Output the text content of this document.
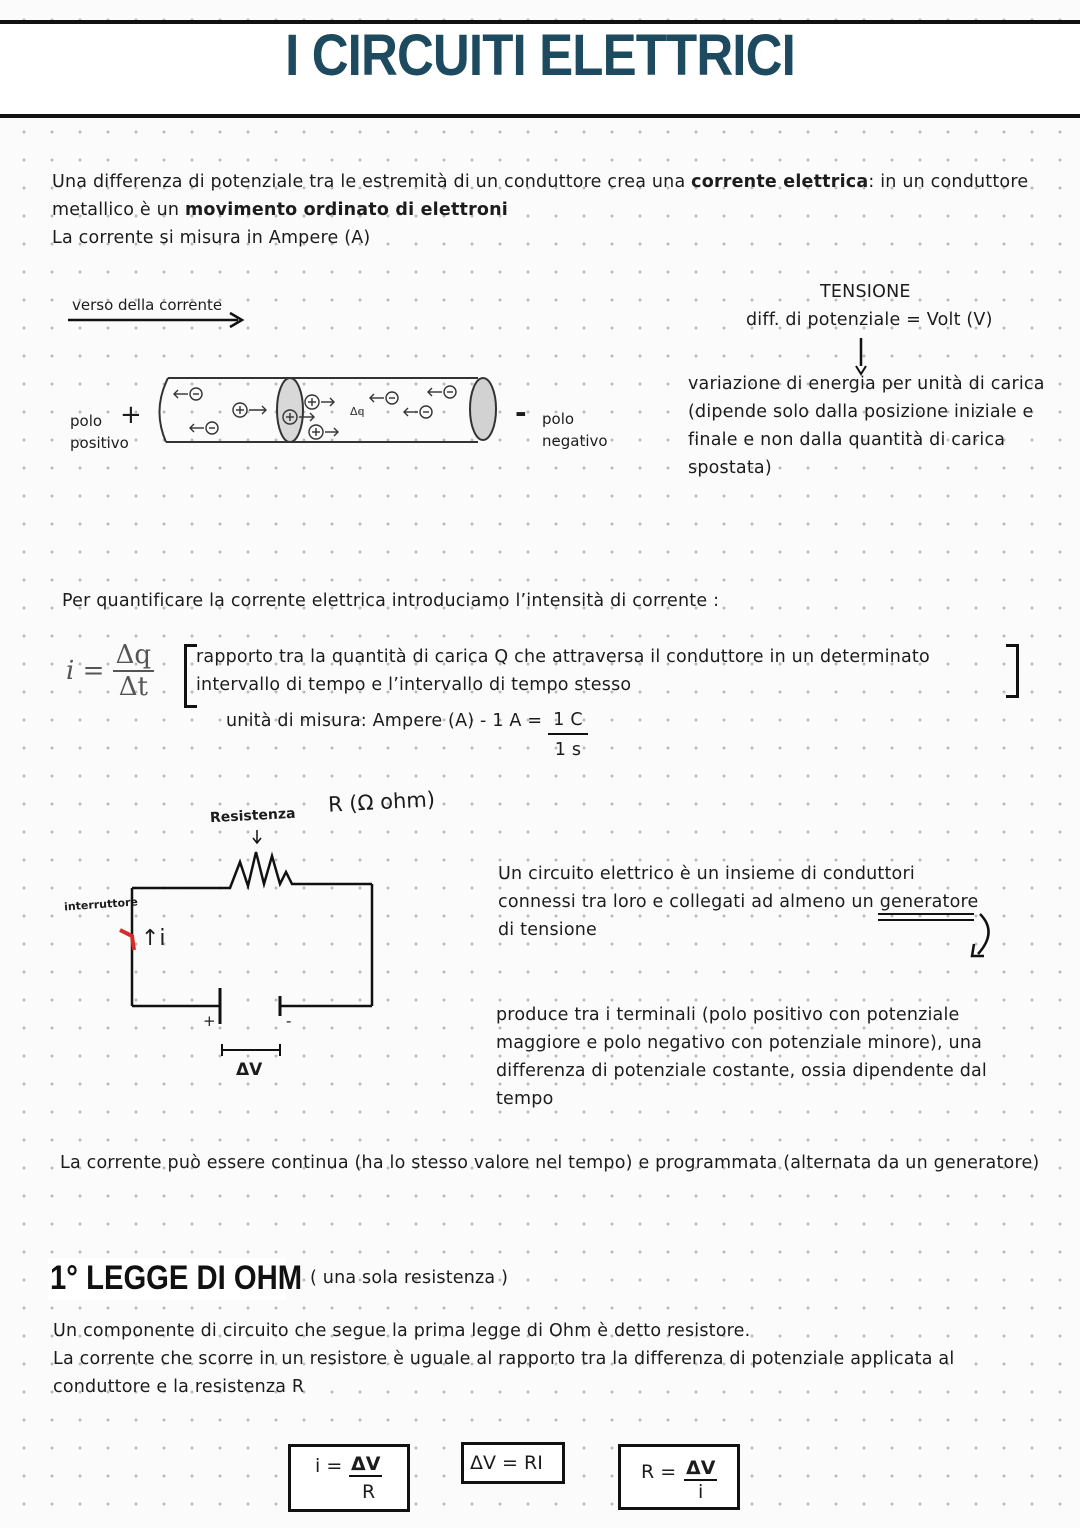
I CIRCUITI ELETTRICI
Una differenza di potenziale tra le estremità di un conduttore crea una corrente elettrica: in un conduttore
metallico è un movimento ordinato di elettroni
La corrente si misura in Ampere (A)
verso della corrente
polo
positivo
+	- polo
negativo
Δq
TENSIONE
diff. di potenziale = Volt (V)
variazione di energia per unità di carica
(dipende solo dalla posizione iniziale e
finale e non dalla quantità di carica
spostata)
Per quantificare la corrente elettrica introduciamo l’intensità di corrente :
$i = \frac{\Delta q}{\Delta t}$ rapporto tra la quantità di carica Q che attraversa il conduttore in un determinato
intervallo di tempo e l’intervallo di tempo stesso
unità di misura: Ampere (A) - 1 A = 1 C
1 s
Resistenza R (Ω ohm)
interruttore
↑i
+	-
ΔV
Un circuito elettrico è un insieme di conduttori
connessi tra loro e collegati ad almeno un generatore
di tensione
produce tra i terminali (polo positivo con potenziale
maggiore e polo negativo con potenziale minore), una
differenza di potenziale costante, ossia dipendente dal
tempo
La corrente può essere continua (ha lo stesso valore nel tempo) e programmata (alternata da un generatore)
1° LEGGE DI OHM ( una sola resistenza )
Un componente di circuito che segue la prima legge di Ohm è detto resistore.
La corrente che scorre in un resistore è uguale al rapporto tra la differenza di potenziale applicata al
conduttore e la resistenza R
i = ΔV
R
ΔV = RI	R = ΔV
i
